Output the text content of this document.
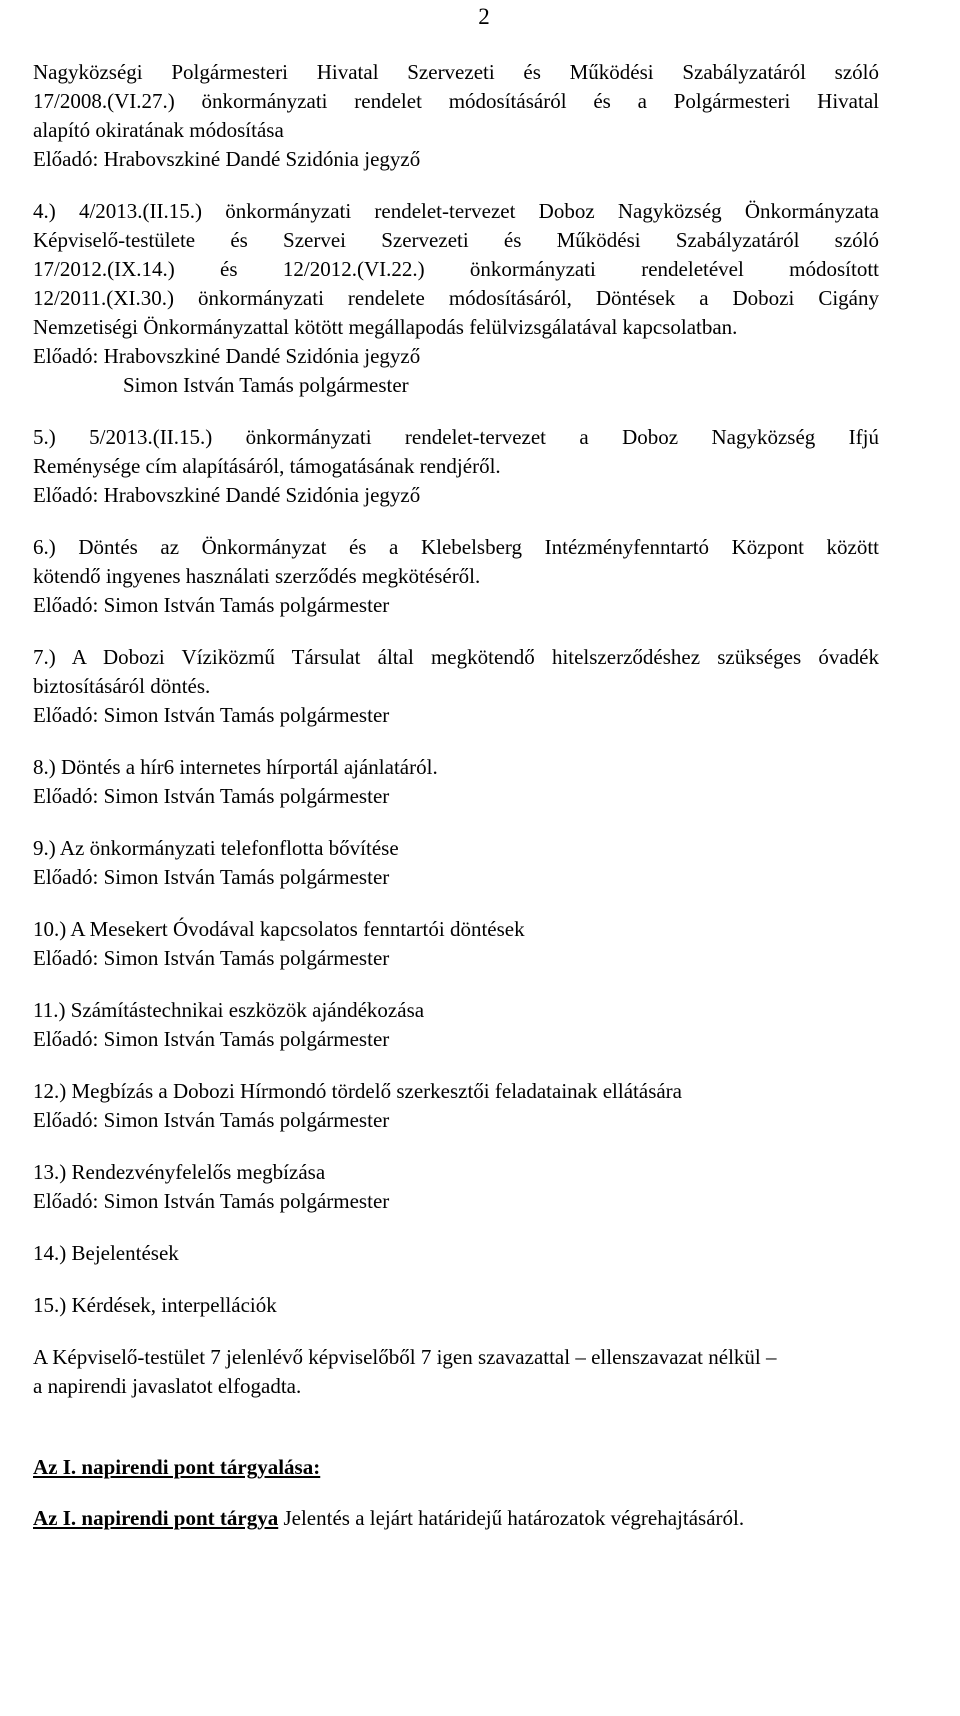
2
Nagyközségi Polgármesteri Hivatal Szervezeti és Működési Szabályzatáról szóló
17/2008.(VI.27.) önkormányzati rendelet módosításáról és a Polgármesteri Hivatal
alapító okiratának módosítása
Előadó: Hrabovszkiné Dandé Szidónia jegyző
4.) 4/2013.(II.15.) önkormányzati rendelet-tervezet Doboz Nagyközség Önkormányzata
Képviselő-testülete és Szervei Szervezeti és Működési Szabályzatáról szóló
17/2012.(IX.14.) és 12/2012.(VI.22.) önkormányzati rendeletével módosított
12/2011.(XI.30.) önkormányzati rendelete módosításáról, Döntések a Dobozi Cigány
Nemzetiségi Önkormányzattal kötött megállapodás felülvizsgálatával kapcsolatban.
Előadó: Hrabovszkiné Dandé Szidónia jegyző
Simon István Tamás polgármester
5.) 5/2013.(II.15.) önkormányzati rendelet-tervezet a Doboz Nagyközség Ifjú
Reménysége cím alapításáról, támogatásának rendjéről.
Előadó: Hrabovszkiné Dandé Szidónia jegyző
6.) Döntés az Önkormányzat és a Klebelsberg Intézményfenntartó Központ között
kötendő ingyenes használati szerződés megkötéséről.
Előadó: Simon István Tamás polgármester
7.) A Dobozi Víziközmű Társulat által megkötendő hitelszerződéshez szükséges óvadék
biztosításáról döntés.
Előadó: Simon István Tamás polgármester
8.) Döntés a hír6 internetes hírportál ajánlatáról.
Előadó: Simon István Tamás polgármester
9.) Az önkormányzati telefonflotta bővítése
Előadó: Simon István Tamás polgármester
10.) A Mesekert Óvodával kapcsolatos fenntartói döntések
Előadó: Simon István Tamás polgármester
11.) Számítástechnikai eszközök ajándékozása
Előadó: Simon István Tamás polgármester
12.) Megbízás a Dobozi Hírmondó tördelő szerkesztői feladatainak ellátására
Előadó: Simon István Tamás polgármester
13.) Rendezvényfelelős megbízása
Előadó: Simon István Tamás polgármester
14.) Bejelentések
15.) Kérdések, interpellációk

A Képviselő-testület 7 jelenlévő képviselőből 7 igen szavazattal – ellenszavazat nélkül –
a napirendi javaslatot elfogadta.

Az I. napirendi pont tárgyalása:

Az I. napirendi pont tárgya Jelentés a lejárt határidejű határozatok végrehajtásáról.
